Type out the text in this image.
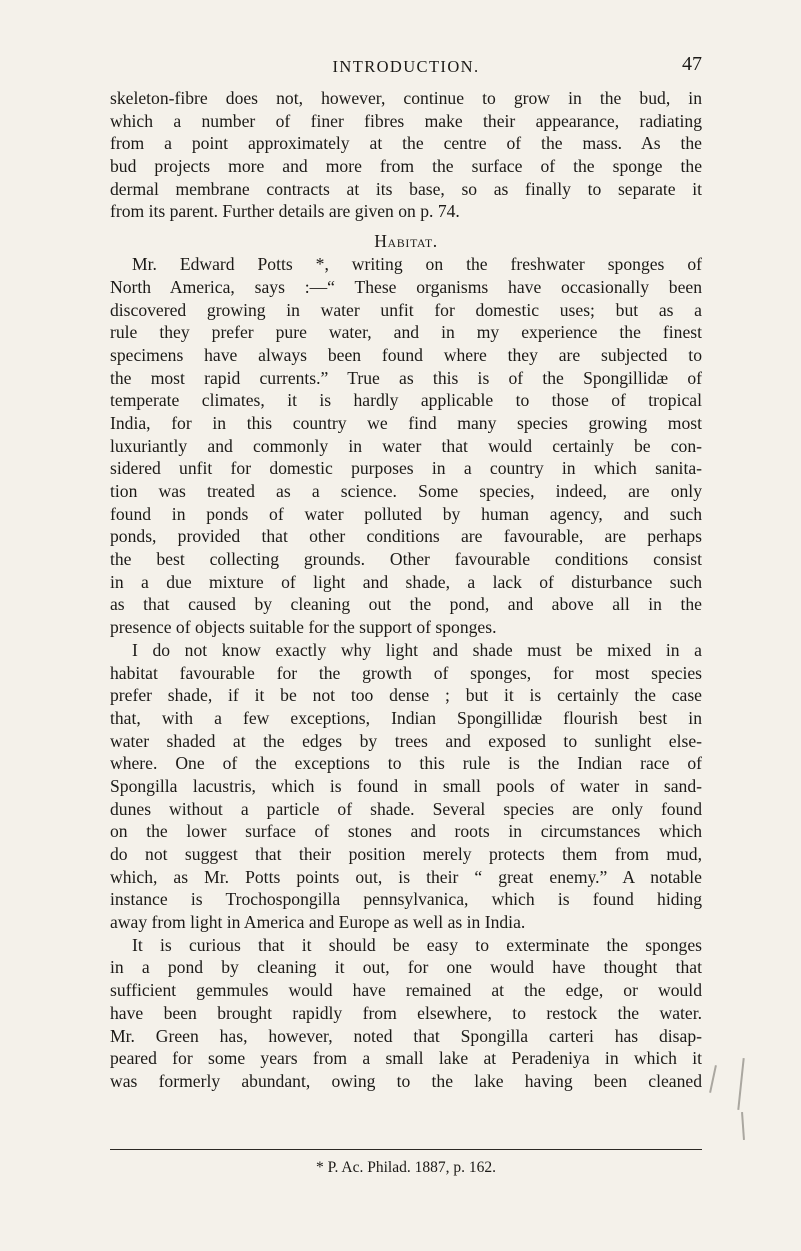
INTRODUCTION.	47
skeleton-fibre does not, however, continue to grow in the bud, in
which a number of finer fibres make their appearance, radiating
from a point approximately at the centre of the mass. As the
bud projects more and more from the surface of the sponge the
dermal membrane contracts at its base, so as finally to separate it
from its parent. Further details are given on p. 74.
Habitat.
Mr. Edward Potts *, writing on the freshwater sponges of
North America, says :—“ These organisms have occasionally been
discovered growing in water unfit for domestic uses; but as a
rule they prefer pure water, and in my experience the finest
specimens have always been found where they are subjected to
the most rapid currents.” True as this is of the Spongillidæ of
temperate climates, it is hardly applicable to those of tropical
India, for in this country we find many species growing most
luxuriantly and commonly in water that would certainly be con-
sidered unfit for domestic purposes in a country in which sanita-
tion was treated as a science. Some species, indeed, are only
found in ponds of water polluted by human agency, and such
ponds, provided that other conditions are favourable, are perhaps
the best collecting grounds. Other favourable conditions consist
in a due mixture of light and shade, a lack of disturbance such
as that caused by cleaning out the pond, and above all in the
presence of objects suitable for the support of sponges.
I do not know exactly why light and shade must be mixed in a
habitat favourable for the growth of sponges, for most species
prefer shade, if it be not too dense ; but it is certainly the case
that, with a few exceptions, Indian Spongillidæ flourish best in
water shaded at the edges by trees and exposed to sunlight else-
where. One of the exceptions to this rule is the Indian race of
Spongilla lacustris, which is found in small pools of water in sand-
dunes without a particle of shade. Several species are only found
on the lower surface of stones and roots in circumstances which
do not suggest that their position merely protects them from mud,
which, as Mr. Potts points out, is their “ great enemy.” A notable
instance is Trochospongilla pennsylvanica, which is found hiding
away from light in America and Europe as well as in India.
It is curious that it should be easy to exterminate the sponges
in a pond by cleaning it out, for one would have thought that
sufficient gemmules would have remained at the edge, or would
have been brought rapidly from elsewhere, to restock the water.
Mr. Green has, however, noted that Spongilla carteri has disap-
peared for some years from a small lake at Peradeniya in which it
was formerly abundant, owing to the lake having been cleaned
* P. Ac. Philad. 1887, p. 162.
